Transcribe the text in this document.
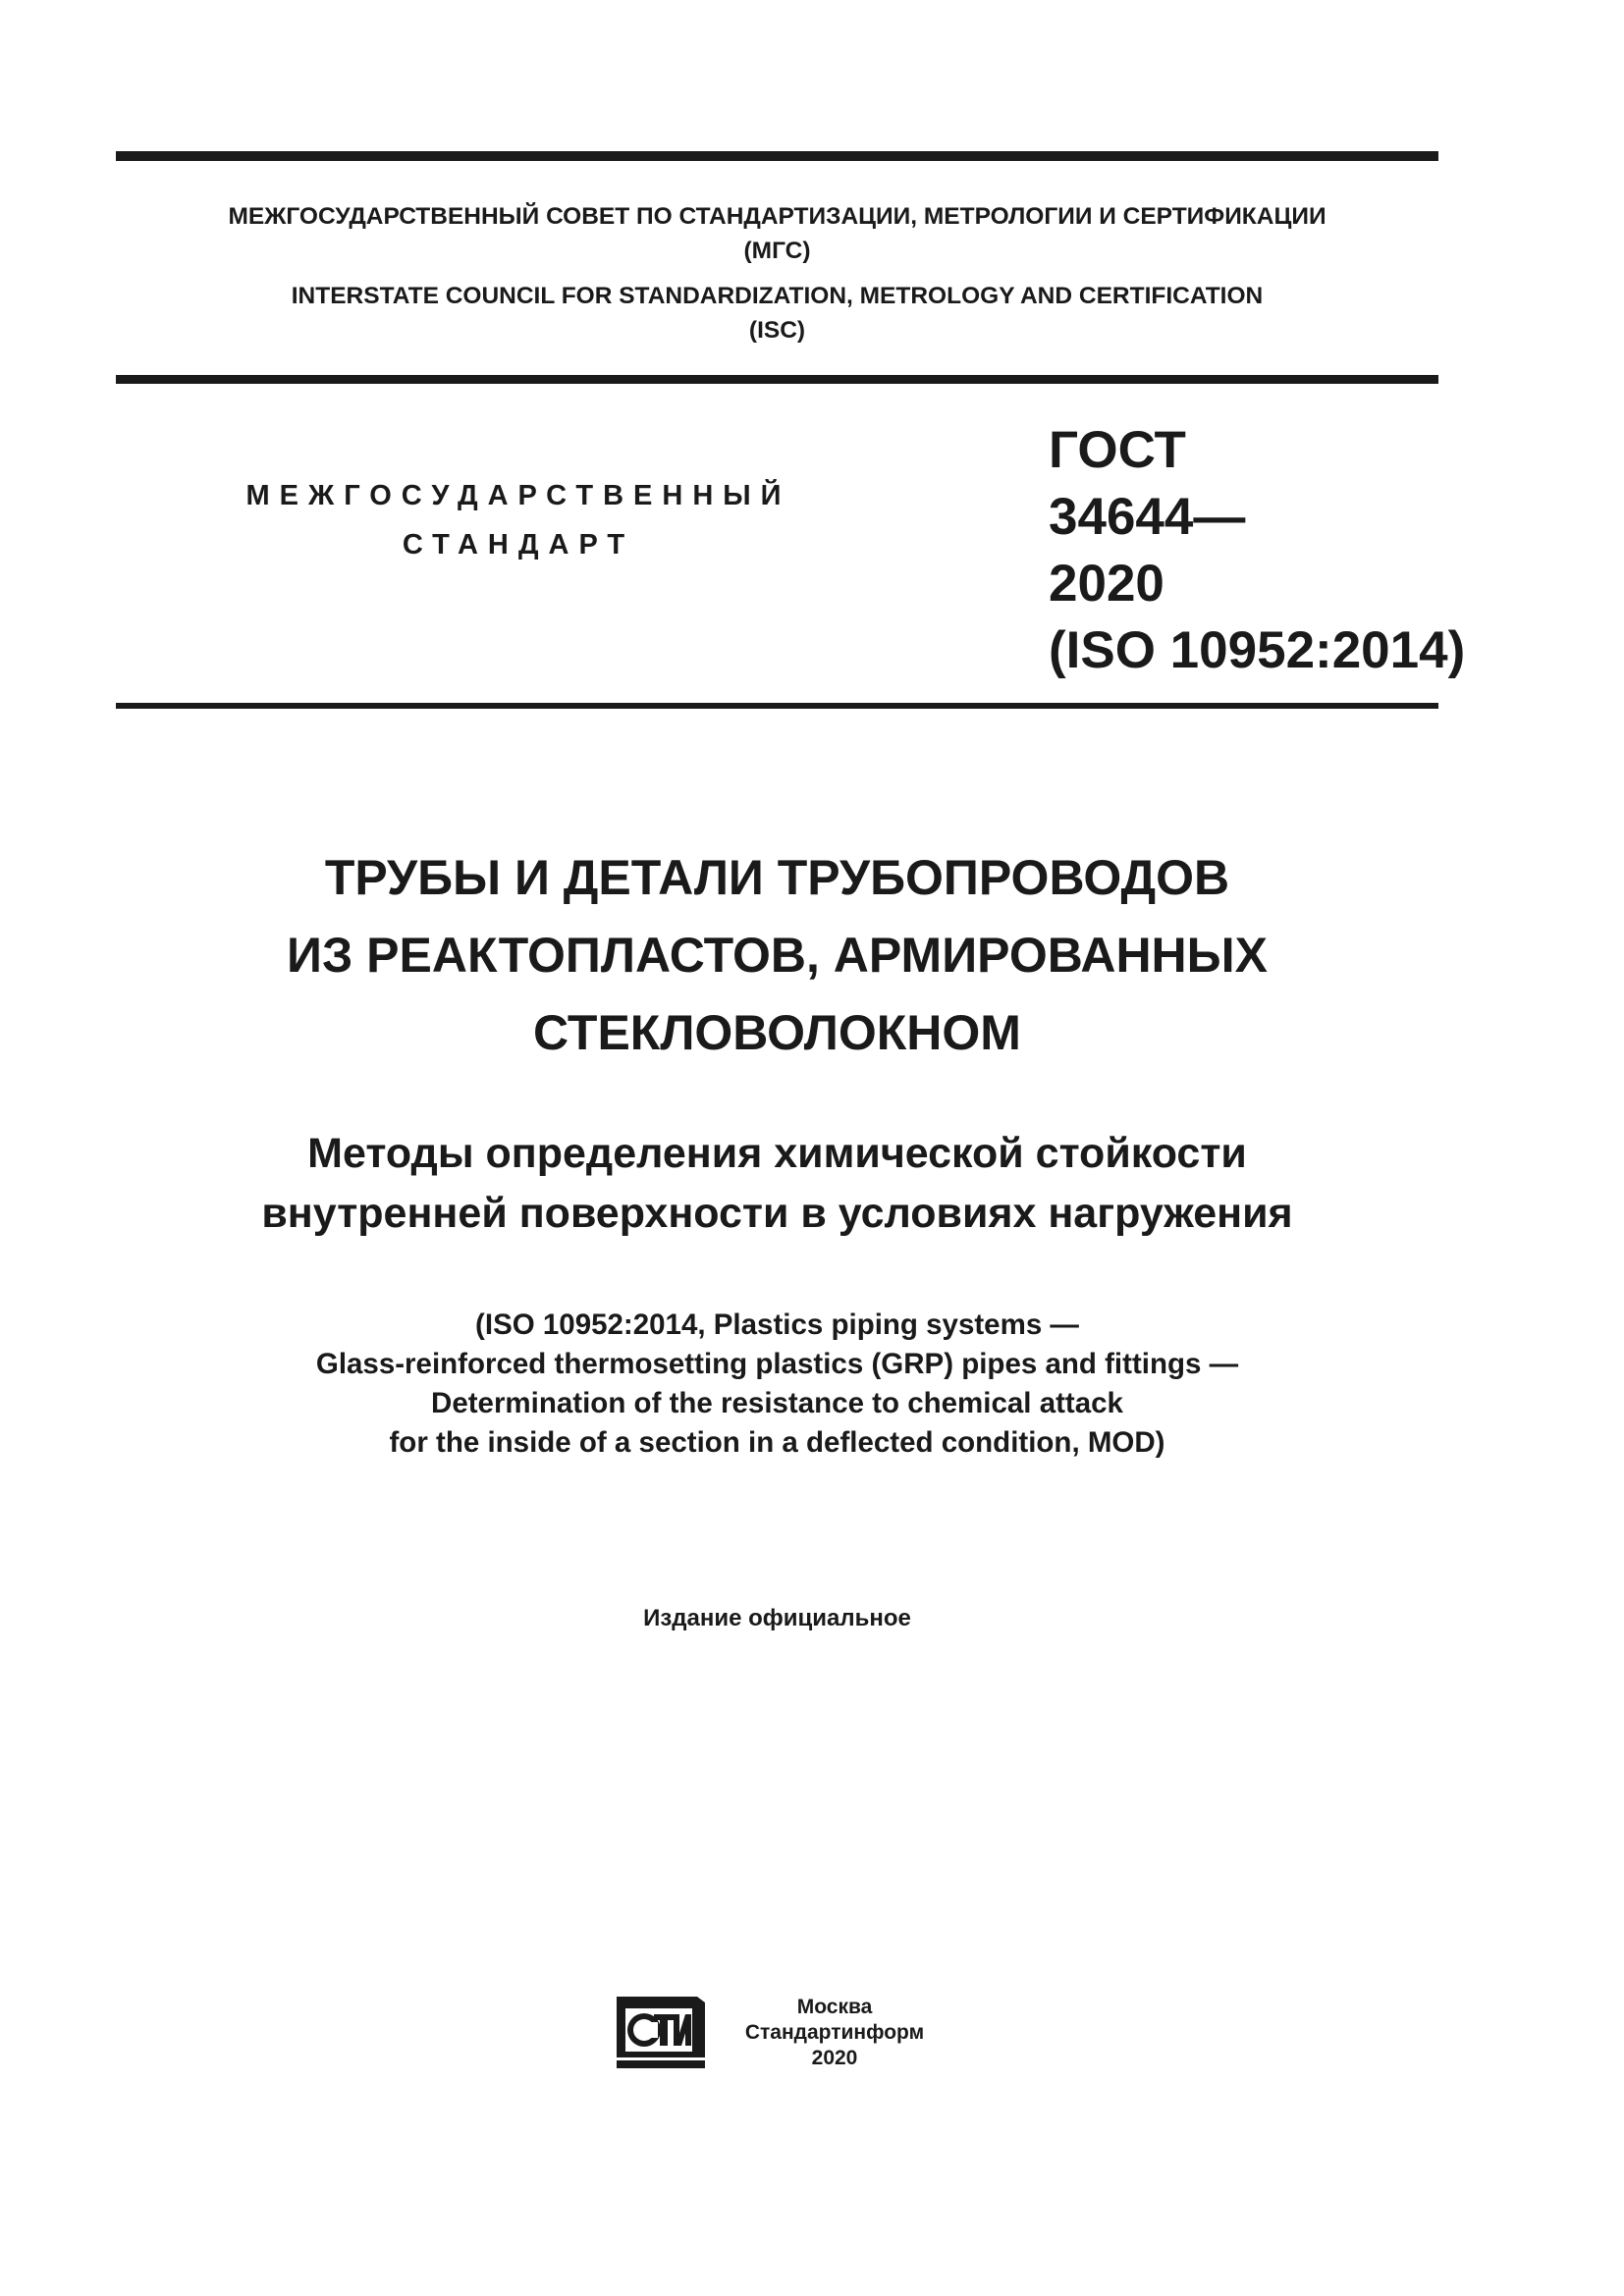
МЕЖГОСУДАРСТВЕННЫЙ СОВЕТ ПО СТАНДАРТИЗАЦИИ, МЕТРОЛОГИИ И СЕРТИФИКАЦИИ
(МГС)
INTERSTATE COUNCIL FOR STANDARDIZATION, METROLOGY AND CERTIFICATION
(ISC)
МЕЖГОСУДАРСТВЕННЫЙ
СТАНДАРТ
ГОСТ
34644—
2020
(ISO 10952:2014)
ТРУБЫ И ДЕТАЛИ ТРУБОПРОВОДОВ
ИЗ РЕАКТОПЛАСТОВ, АРМИРОВАННЫХ
СТЕКЛОВОЛОКНОМ
Методы определения химической стойкости
внутренней поверхности в условиях нагружения
(ISO 10952:2014, Plastics piping systems —
Glass-reinforced thermosetting plastics (GRP) pipes and fittings —
Determination of the resistance to chemical attack
for the inside of a section in a deflected condition, MOD)
Издание официальное
Москва
Стандартинформ
2020
